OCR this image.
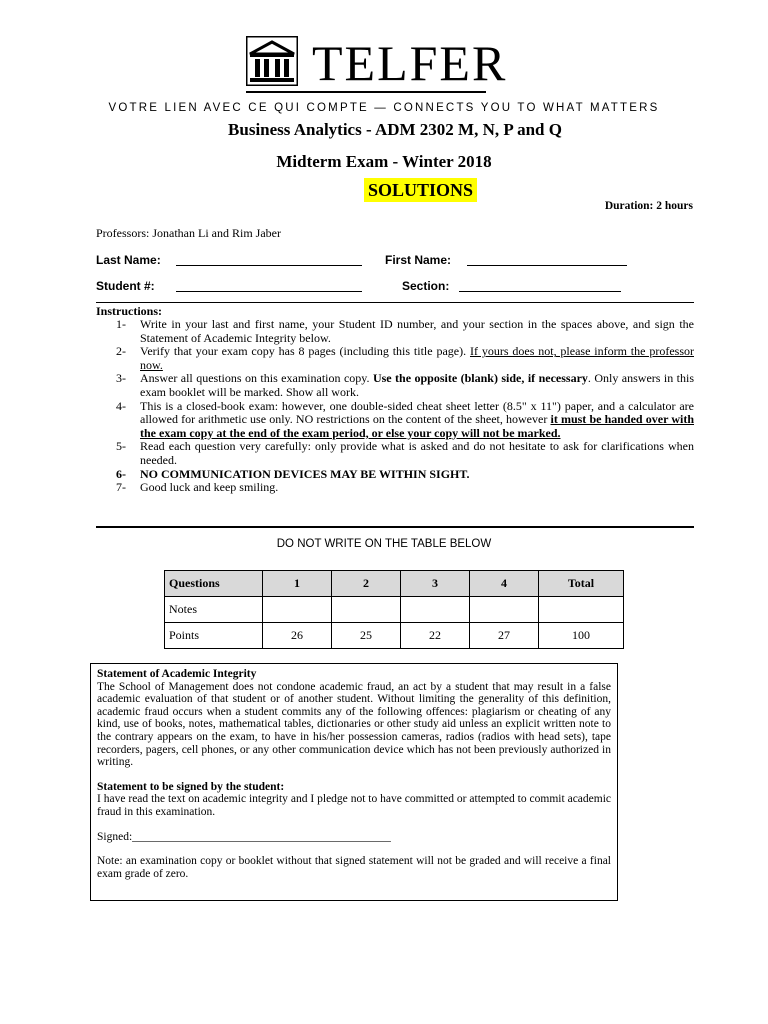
TELFER
VOTRE LIEN AVEC CE QUI COMPTE — CONNECTS YOU TO WHAT MATTERS
Business Analytics - ADM 2302 M, N, P and Q
Midterm Exam - Winter 2018
SOLUTIONS
Duration: 2 hours
Professors: Jonathan Li and Rim Jaber
Last Name:	First Name:
Student #:	Section:
Instructions:
1- Write in your last and first name, your Student ID number, and your section in the spaces above, and sign the Statement of Academic Integrity below.
2- Verify that your exam copy has 8 pages (including this title page). If yours does not, please inform the professor now.
3- Answer all questions on this examination copy. Use the opposite (blank) side, if necessary. Only answers in this exam booklet will be marked. Show all work.
4- This is a closed-book exam: however, one double-sided cheat sheet letter (8.5" x 11") paper, and a calculator are allowed for arithmetic use only. NO restrictions on the content of the sheet, however it must be handed over with the exam copy at the end of the exam period, or else your copy will not be marked.
5- Read each question very carefully: only provide what is asked and do not hesitate to ask for clarifications when needed.
6- NO COMMUNICATION DEVICES MAY BE WITHIN SIGHT.
7- Good luck and keep smiling.
DO NOT WRITE ON THE TABLE BELOW
Questions	1	2	3	4	Total
Notes					
Points	26	25	22	27	100

Statement of Academic Integrity

The School of Management does not condone academic fraud, an act by a student that may result in a false academic evaluation of that student or of another student. Without limiting the generality of this definition, academic fraud occurs when a student commits any of the following offences: plagiarism or cheating of any kind, use of books, notes, mathematical tables, dictionaries or other study aid unless an explicit written note to the contrary appears on the exam, to have in his/her possession cameras, radios (radios with head sets), tape recorders, pagers, cell phones, or any other communication device which has not been previously authorized in writing.

Statement to be signed by the student:

I have read the text on academic integrity and I pledge not to have committed or attempted to commit academic fraud in this examination.

Signed:_____________________________________________

Note: an examination copy or booklet without that signed statement will not be graded and will receive a final exam grade of zero.
